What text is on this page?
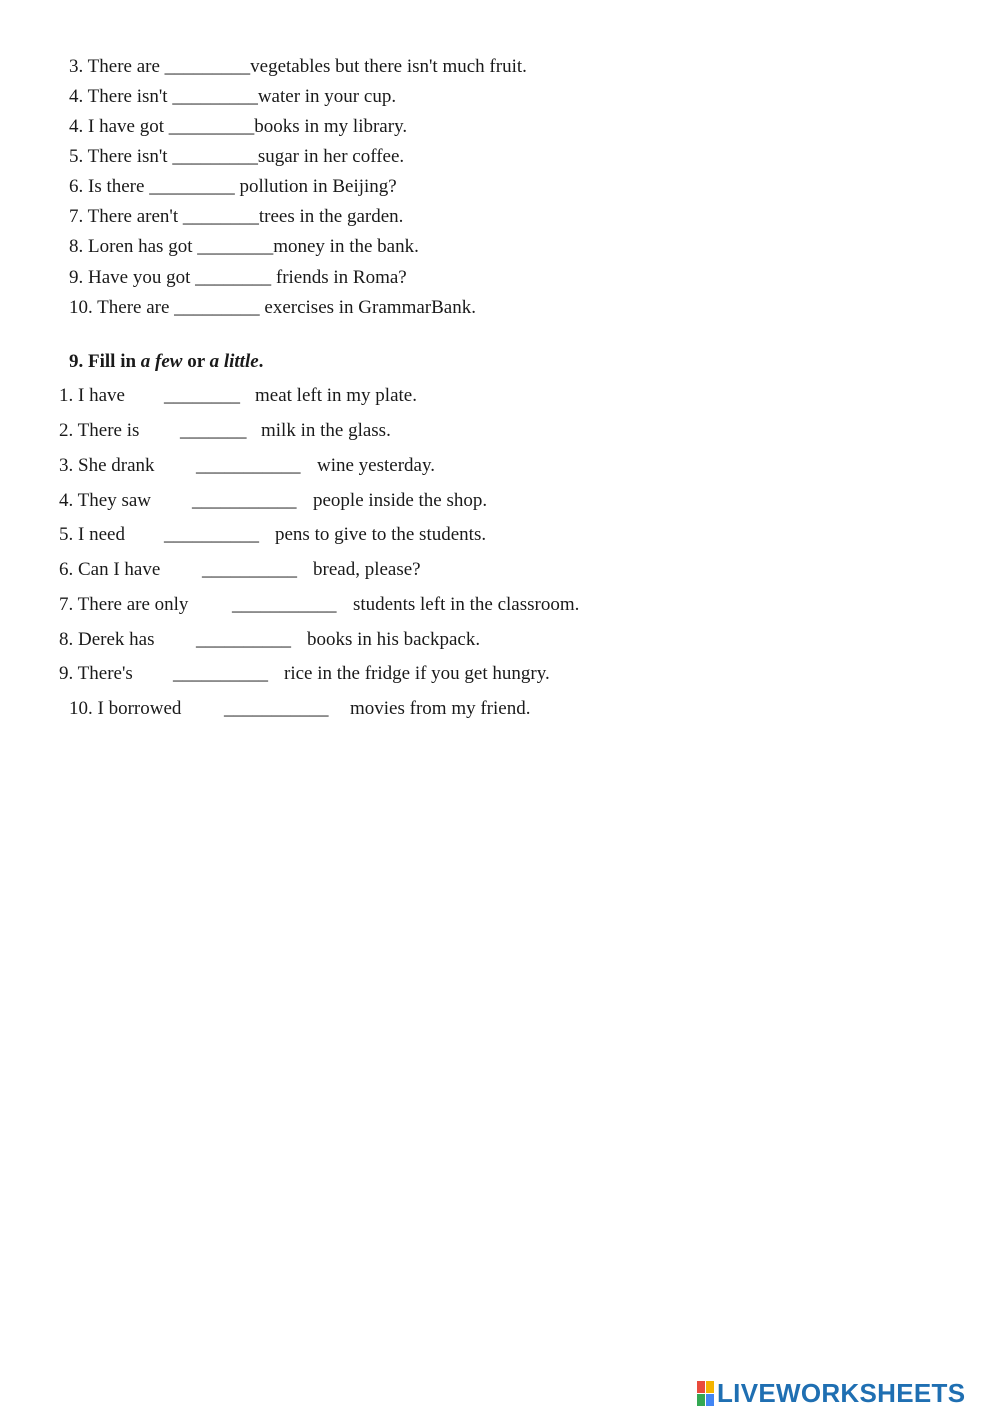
3. There are _________vegetables but there isn't much fruit.
4. There isn't _________water in your cup.
4. I have got _________books in my library.
5. There isn't _________sugar in her coffee.
6. Is there _________ pollution in Beijing?
7. There aren't ________trees in the garden.
8. Loren has got ________money in the bank.
9. Have you got ________ friends in Roma?
10. There are _________ exercises in GrammarBank.
9. Fill in a few or a little.
1. I have ________ meat left in my plate.
2. There is _______ milk in the glass.
3. She drank ___________ wine yesterday.
4. They saw ___________ people inside the shop.
5. I need __________ pens to give to the students.
6. Can I have __________ bread, please?
7. There are only ___________ students left in the classroom.
8. Derek has __________ books in his backpack.
9. There's __________ rice in the fridge if you get hungry.
10. I borrowed ___________ movies from my friend.
LIVEWORKSHEETS
